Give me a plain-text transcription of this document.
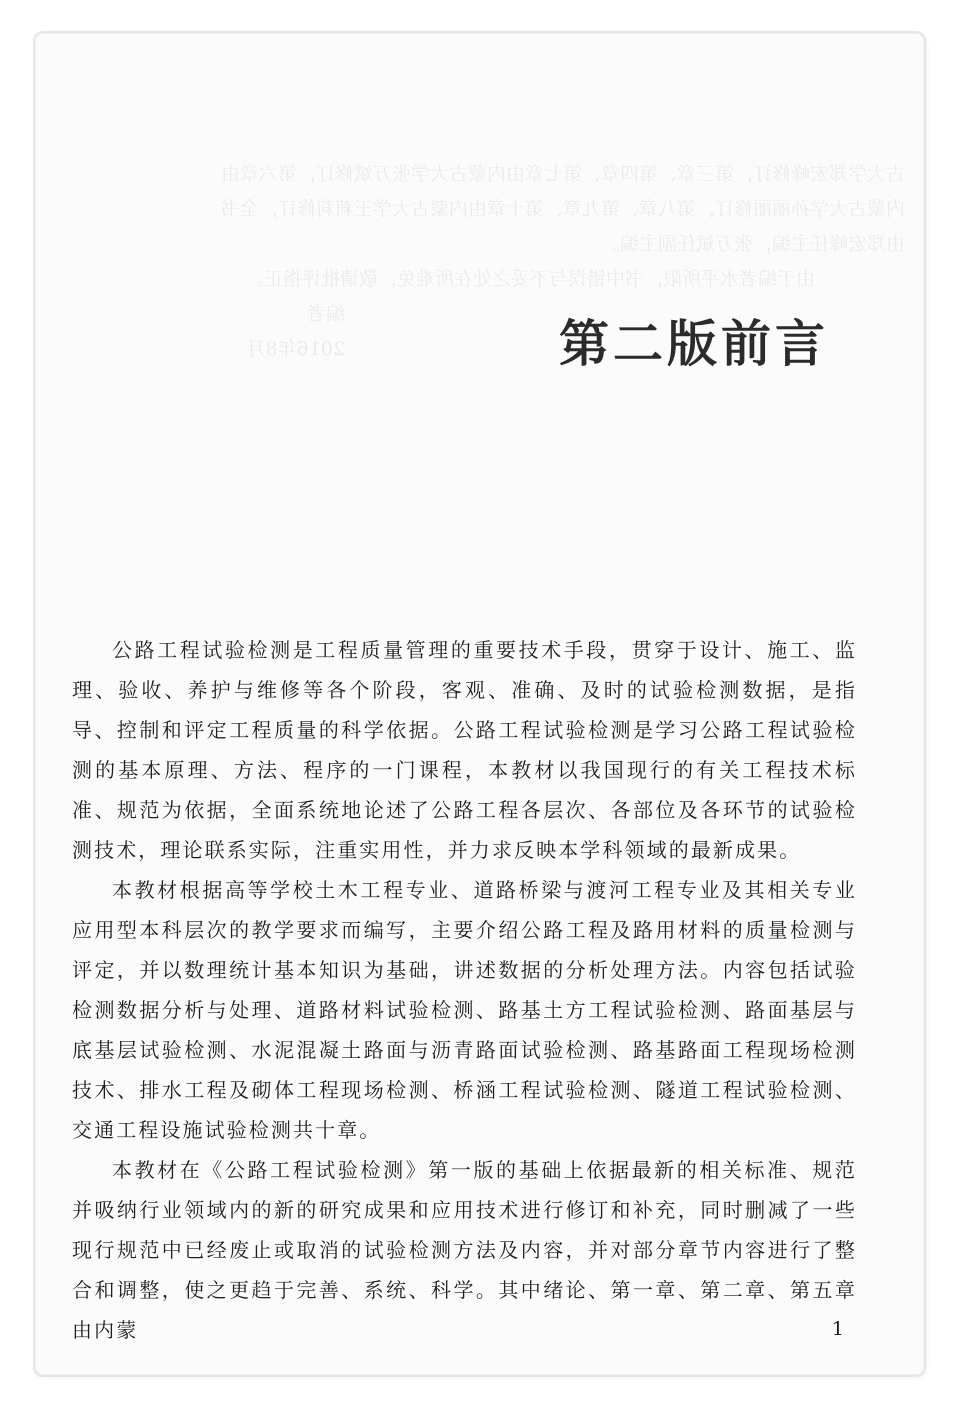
古大学郑宏峰修订，第三章、第四章、第七章由内蒙古大学张万斌修订，第六章由
内蒙古大学孙丽丽修订，第八章、第九章、第十章由内蒙古大学王莉莉修订，全书
由郑宏峰任主编，张万斌任副主编。
由于编者水平所限，书中错误与不妥之处在所难免，敬请批评指正。
编者
2016年8月	第二版前言

公路工程试验检测是工程质量管理的重要技术手段，贯穿于设计、施工、监理、验收、养护与维修等各个阶段，客观、准确、及时的试验检测数据，是指导、控制和评定工程质量的科学依据。公路工程试验检测是学习公路工程试验检测的基本原理、方法、程序的一门课程，本教材以我国现行的有关工程技术标准、规范为依据，全面系统地论述了公路工程各层次、各部位及各环节的试验检测技术，理论联系实际，注重实用性，并力求反映本学科领域的最新成果。

本教材根据高等学校土木工程专业、道路桥梁与渡河工程专业及其相关专业应用型本科层次的教学要求而编写，主要介绍公路工程及路用材料的质量检测与评定，并以数理统计基本知识为基础，讲述数据的分析处理方法。内容包括试验检测数据分析与处理、道路材料试验检测、路基土方工程试验检测、路面基层与底基层试验检测、水泥混凝土路面与沥青路面试验检测、路基路面工程现场检测技术、排水工程及砌体工程现场检测、桥涵工程试验检测、隧道工程试验检测、交通工程设施试验检测共十章。

本教材在《公路工程试验检测》第一版的基础上依据最新的相关标准、规范并吸纳行业领域内的新的研究成果和应用技术进行修订和补充，同时删减了一些现行规范中已经废止或取消的试验检测方法及内容，并对部分章节内容进行了整合和调整，使之更趋于完善、系统、科学。其中绪论、第一章、第二章、第五章由内蒙	1
